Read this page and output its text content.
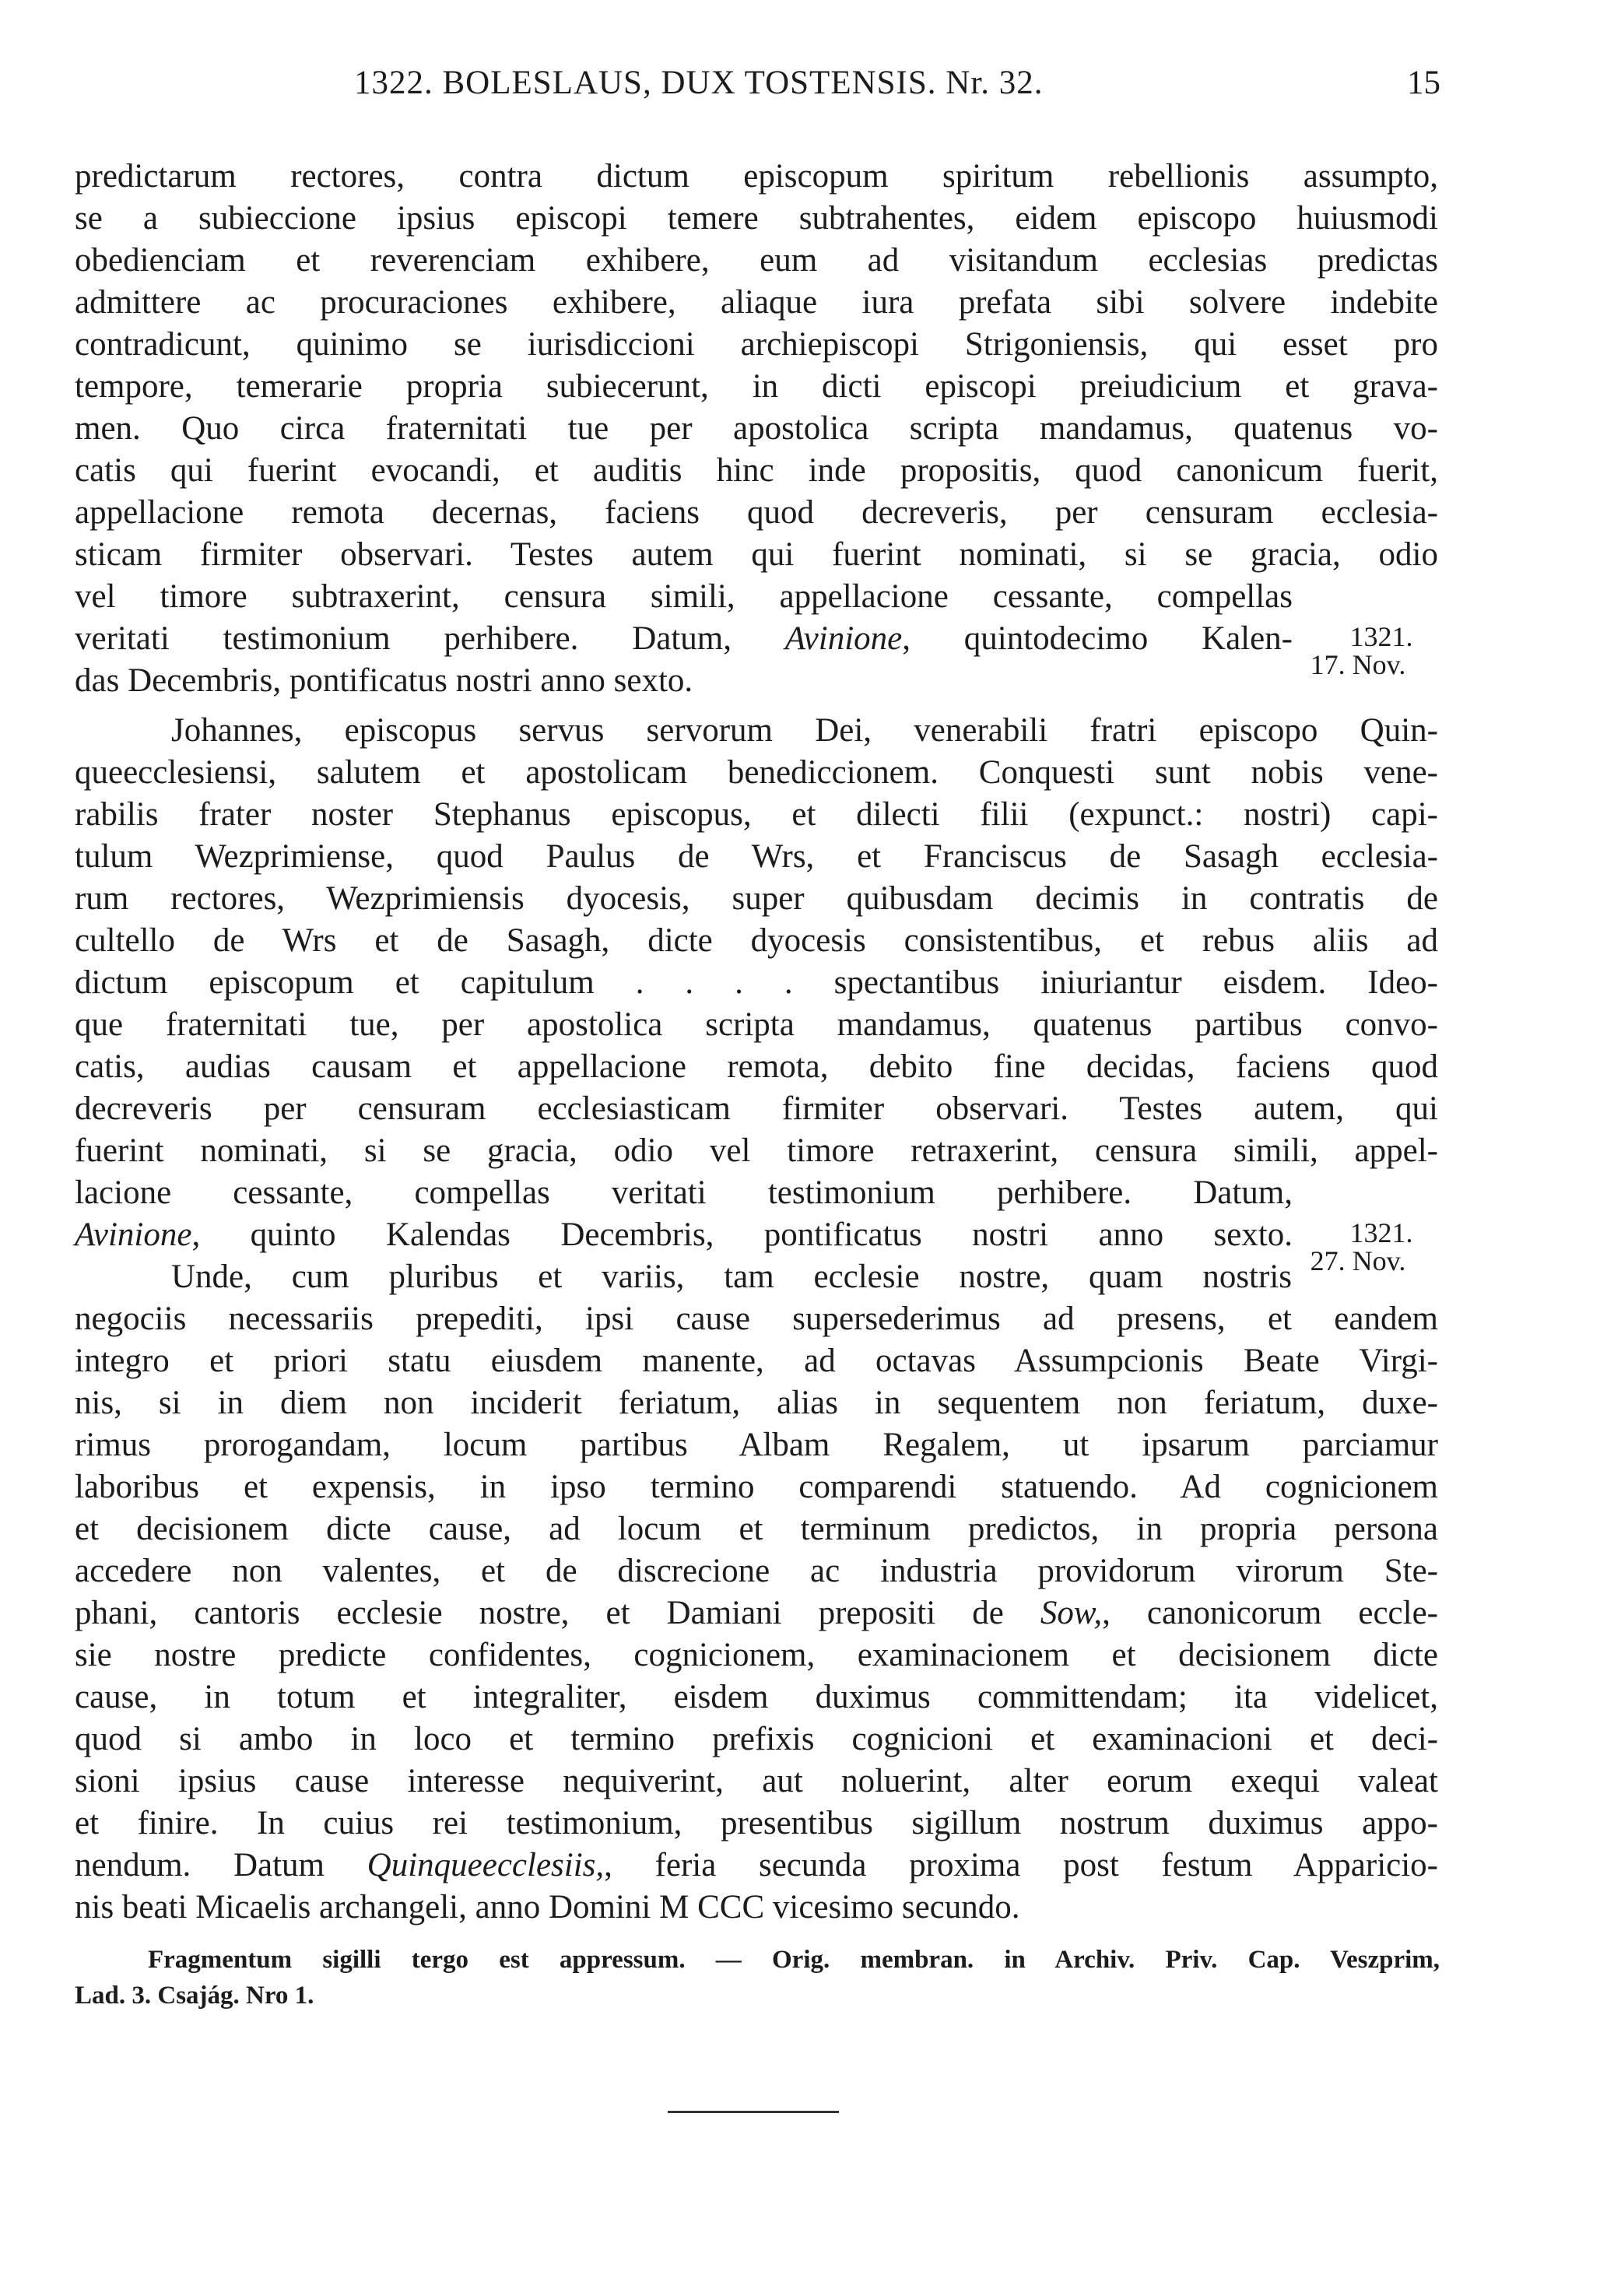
1322. BOLESLAUS, DUX TOSTENSIS. Nr. 32.	15
predictarum rectores, contra dictum episcopum spiritum rebellionis assumpto,
se a subieccione ipsius episcopi temere subtrahentes, eidem episcopo huiusmodi
obedienciam et reverenciam exhibere, eum ad visitandum ecclesias predictas
admittere ac procuraciones exhibere, aliaque iura prefata sibi solvere indebite
contradicunt, quinimo se iurisdiccioni archiepiscopi Strigoniensis, qui esset pro
tempore, temerarie propria subiecerunt, in dicti episcopi preiudicium et grava-
men. Quo circa fraternitati tue per apostolica scripta mandamus, quatenus vo-
catis qui fuerint evocandi, et auditis hinc inde propositis, quod canonicum fuerit,
appellacione remota decernas, faciens quod decreveris, per censuram ecclesia-
sticam firmiter observari. Testes autem qui fuerint nominati, si se gracia, odio
vel timore subtraxerint, censura simili, appellacione cessante, compellas
veritati testimonium perhibere. Datum, Avinione, quintodecimo Kalen-
das Decembris, pontificatus nostri anno sexto.
1321.
17. Nov.
Johannes, episcopus servus servorum Dei, venerabili fratri episcopo Quin-
queecclesiensi, salutem et apostolicam benediccionem. Conquesti sunt nobis vene-
rabilis frater noster Stephanus episcopus, et dilecti filii (expunct.: nostri) capi-
tulum Wezprimiense, quod Paulus de Wrs, et Franciscus de Sasagh ecclesia-
rum rectores, Wezprimiensis dyocesis, super quibusdam decimis in contratis de
cultello de Wrs et de Sasagh, dicte dyocesis consistentibus, et rebus aliis ad
dictum episcopum et capitulum . . . . spectantibus iniuriantur eisdem. Ideo-
que fraternitati tue, per apostolica scripta mandamus, quatenus partibus convo-
catis, audias causam et appellacione remota, debito fine decidas, faciens quod
decreveris per censuram ecclesiasticam firmiter observari. Testes autem, qui
fuerint nominati, si se gracia, odio vel timore retraxerint, censura simili, appel-
lacione cessante, compellas veritati testimonium perhibere. Datum,
Avinione, quinto Kalendas Decembris, pontificatus nostri anno sexto.	1321.
27. Nov.
Unde, cum pluribus et variis, tam ecclesie nostre, quam nostris
negociis necessariis prepediti, ipsi cause supersederimus ad presens, et eandem
integro et priori statu eiusdem manente, ad octavas Assumpcionis Beate Virgi-
nis, si in diem non inciderit feriatum, alias in sequentem non feriatum, duxe-
rimus prorogandam, locum partibus Albam Regalem, ut ipsarum parciamur
laboribus et expensis, in ipso termino comparendi statuendo. Ad cognicionem
et decisionem dicte cause, ad locum et terminum predictos, in propria persona
accedere non valentes, et de discrecione ac industria providorum virorum Ste-
phani, cantoris ecclesie nostre, et Damiani prepositi de Sow,, canonicorum eccle-
sie nostre predicte confidentes, cognicionem, examinacionem et decisionem dicte
cause, in totum et integraliter, eisdem duximus committendam; ita videlicet,
quod si ambo in loco et termino prefixis cognicioni et examinacioni et deci-
sioni ipsius cause interesse nequiverint, aut noluerint, alter eorum exequi valeat
et finire. In cuius rei testimonium, presentibus sigillum nostrum duximus appo-
nendum. Datum Quinqueecclesiis,, feria secunda proxima post festum Apparicio-
nis beati Micaelis archangeli, anno Domini M CCC vicesimo secundo.
Fragmentum sigilli tergo est appressum. — Orig. membran. in Archiv. Priv. Cap. Veszprim,
Lad. 3. Csajág. Nro 1.
